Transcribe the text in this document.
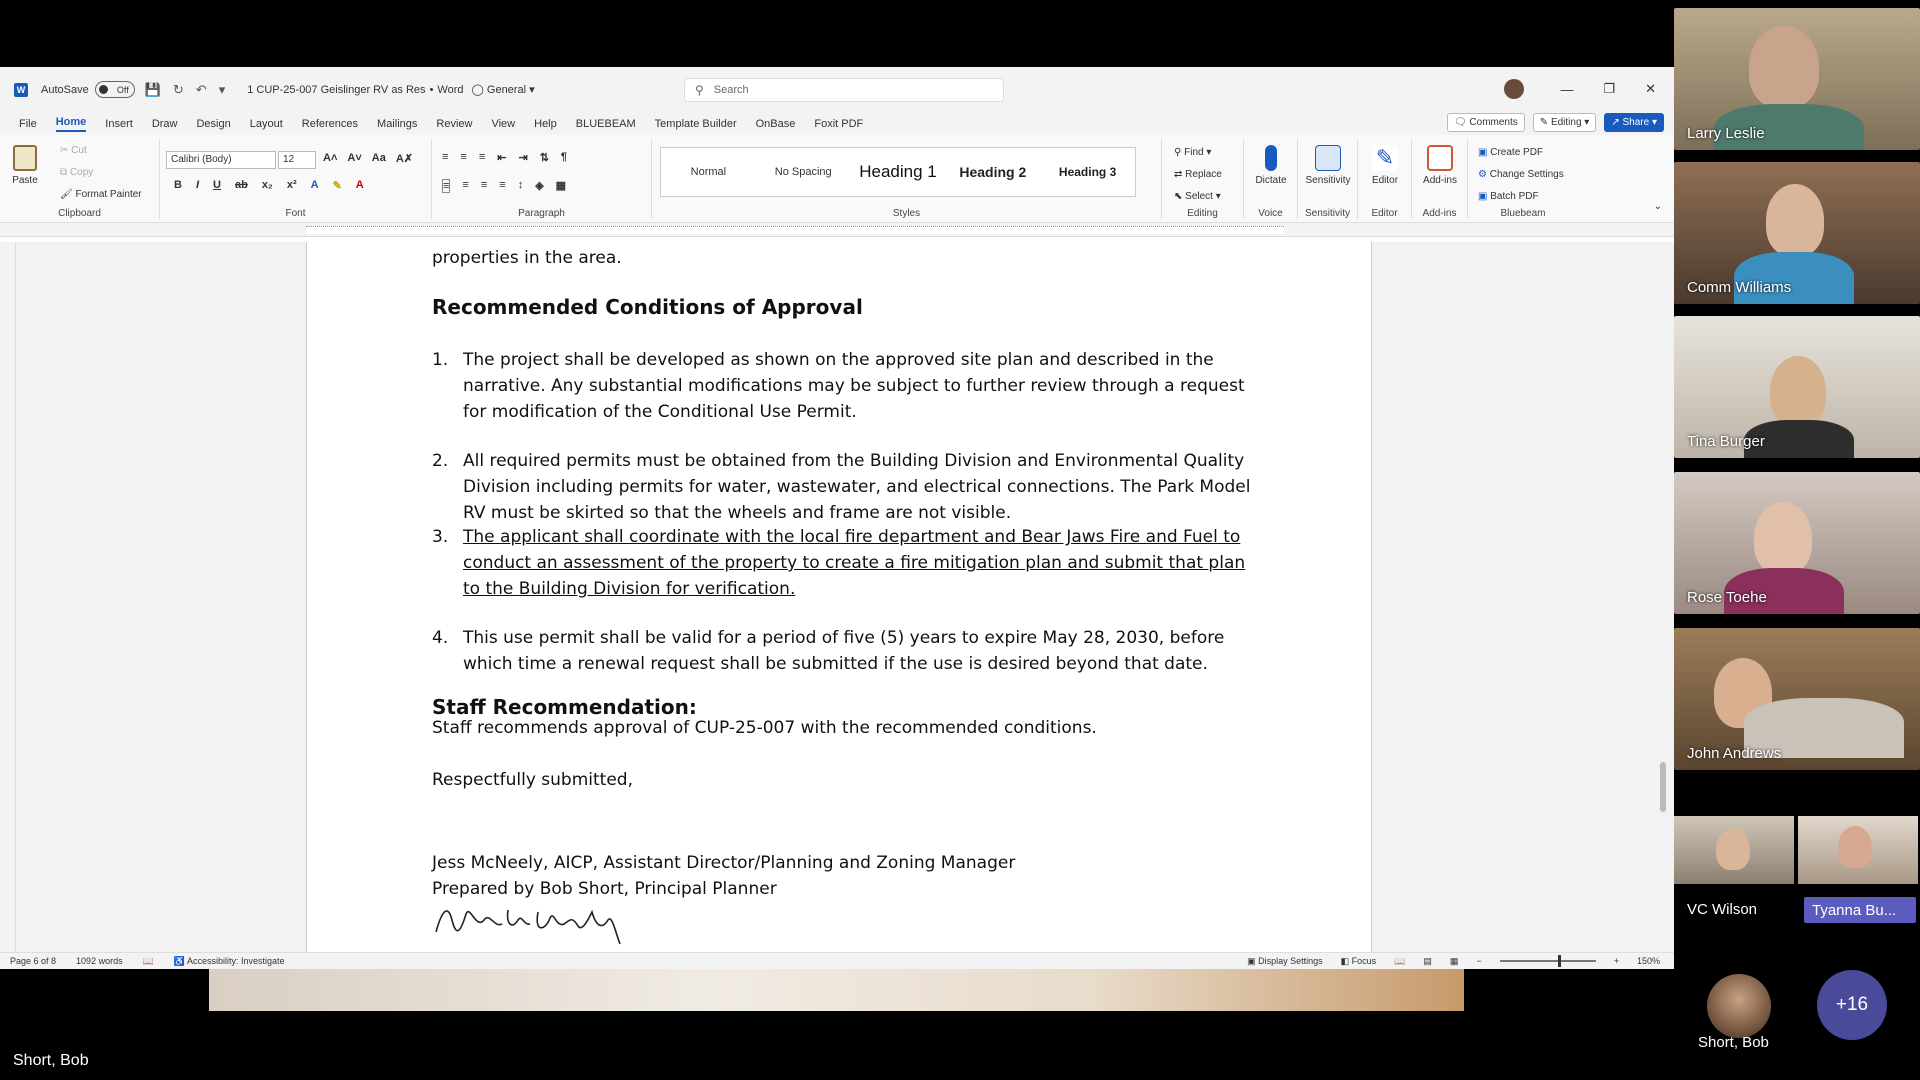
W AutoSave	Off	💾 ↻ ↶ ▾ 1 CUP-25-007 Geislinger RV as Res • Word ◯ General ▾	⚲ Search	— ❐ ✕
File Home Insert Draw Design Layout References Mailings Review View Help BLUEBEAM Template Builder OnBase Foxit PDF	🗨 Comments	✎ Editing ▾	↗ Share ▾
Paste
✂ Cut
⧉ Copy
🖌 Format Painter
Clipboard
Calibri (Body)	12	A˄ A˅ Aa A✗
B I U ab x₂ x² A ✎ A
Font
≡ ≡ ≡ ⇤ ⇥ ⇅ ¶
≡ ≡ ≡ ≡ ↕ ◈ ▦
Paragraph
Normal	No Spacing	Heading 1	Heading 2	Heading 3
Styles
⚲ Find ▾
⇄ Replace
⬉ Select ▾
Editing
Dictate
Voice
Sensitivity
Sensitivity
✎
Editor
Editor
Add-ins
Add-ins
▣ Create PDF
⚙ Change Settings
▣ Batch PDF
Bluebeam
⌄
properties in the area.
Recommended Conditions of Approval
1. The project shall be developed as shown on the approved site plan and described in the narrative. Any substantial modifications may be subject to further review through a request for modification of the Conditional Use Permit.
2. All required permits must be obtained from the Building Division and Environmental Quality Division including permits for water, wastewater, and electrical connections. The Park Model RV must be skirted so that the wheels and frame are not visible.
3. The applicant shall coordinate with the local fire department and Bear Jaws Fire and Fuel to conduct an assessment of the property to create a fire mitigation plan and submit that plan to the Building Division for verification.
4. This use permit shall be valid for a period of five (5) years to expire May 28, 2030, before which time a renewal request shall be submitted if the use is desired beyond that date.
Staff Recommendation:
Staff recommends approval of CUP-25-007 with the recommended conditions.
Respectfully submitted,
Jess McNeely, AICP, Assistant Director/Planning and Zoning Manager
Prepared by Bob Short, Principal Planner
Page 6 of 8 1092 words 📖 ♿ Accessibility: Investigate	▣ Display Settings ◧ Focus 📖 ▤ ▦ −	+ 150%
Short, Bob
Larry Leslie
Comm Williams
Tina Burger
Rose Toehe
John Andrews
VC Wilson	Tyanna Bu...
Short, Bob
+16
